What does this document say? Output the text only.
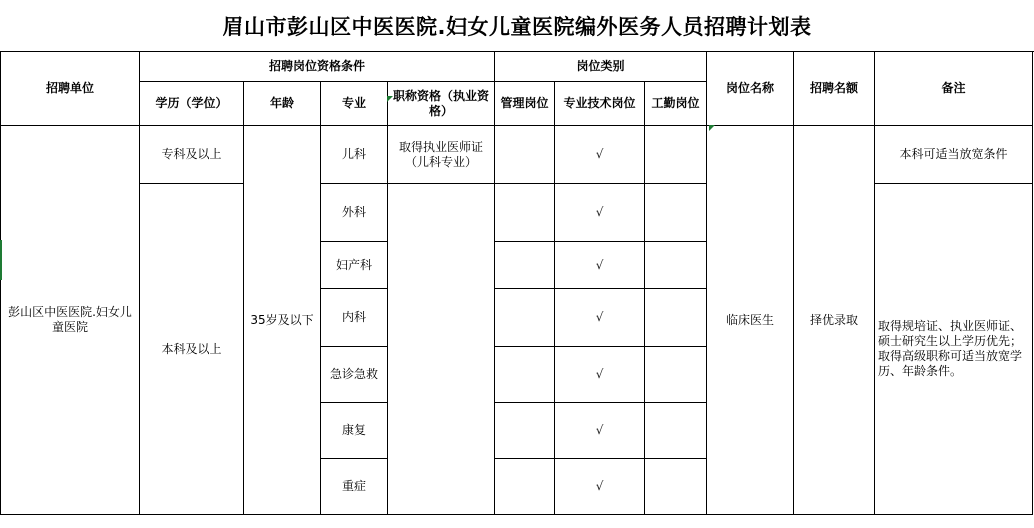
眉山市彭山区中医医院.妇女儿童医院编外医务人员招聘计划表
招聘单位	招聘岗位资格条件				岗位类别			岗位名称	招聘名额	备注
	学历（学位）	年龄	专业	职称资格（执业资格）	管理岗位	专业技术岗位	工勤岗位			
彭山区中医医院.妇女儿童医院	专科及以上	35岁及以下	儿科	取得执业医师证（儿科专业）		√		临床医生	择优录取	本科可适当放宽条件
	本科及以上		外科			√				取得规培证、执业医师证、硕士研究生以上学历优先；取得高级职称可适当放宽学历、年龄条件。
			妇产科			√				
			内科			√				
			急诊急救			√				
			康复			√				
			重症			√				
